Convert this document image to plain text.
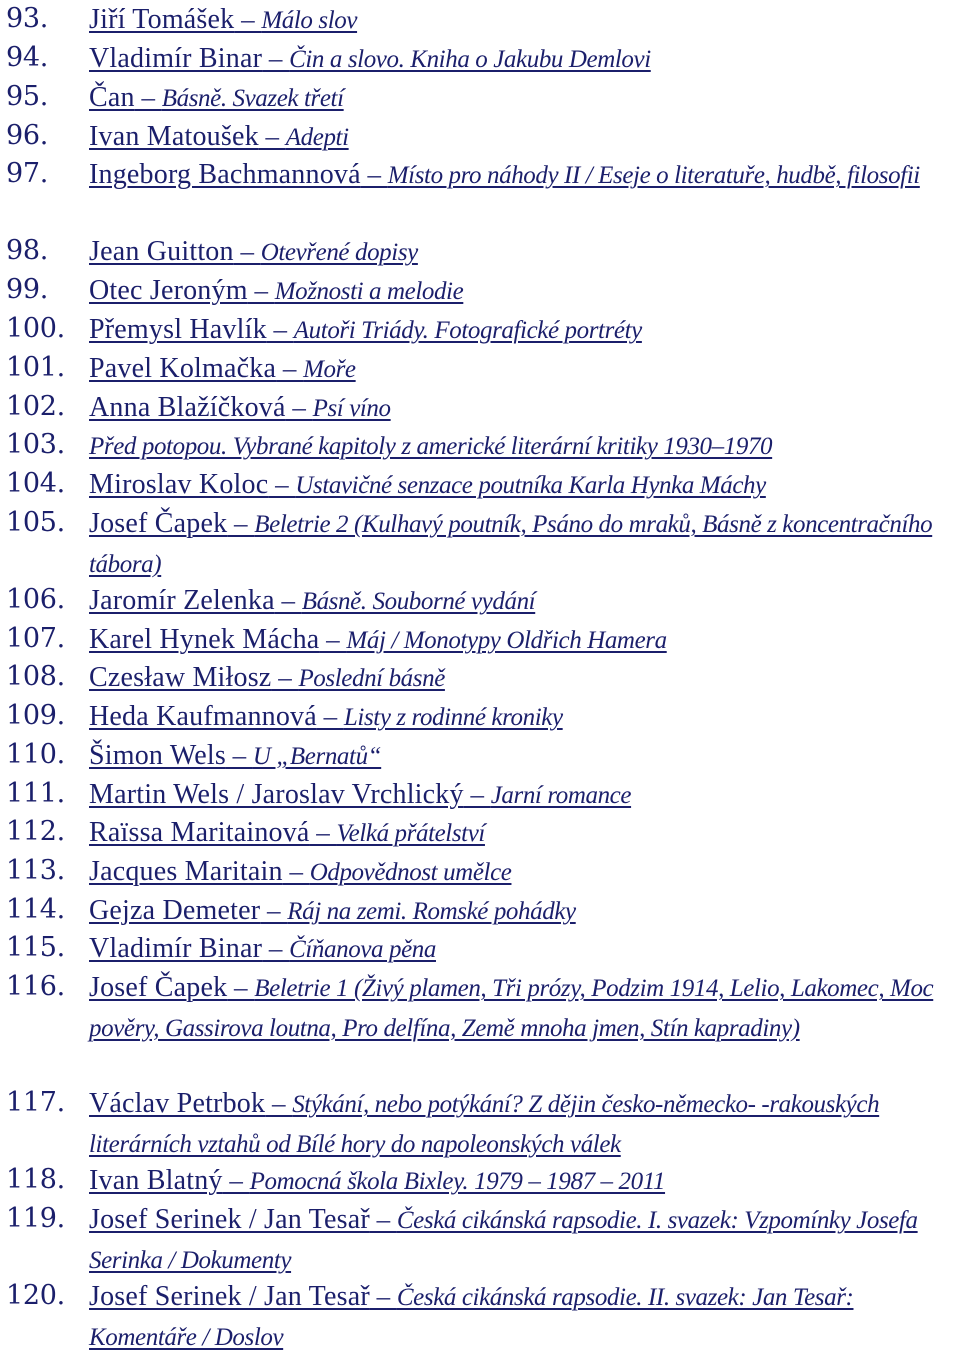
93. Jiří Tomášek – Málo slov
94. Vladimír Binar – Čin a slovo. Kniha o Jakubu Demlovi
95. Čan – Básně. Svazek třetí
96. Ivan Matoušek – Adepti
97. Ingeborg Bachmannová – Místo pro náhody II / Eseje o literatuře, hudbě, filosofii
98. Jean Guitton – Otevřené dopisy
99. Otec Jeroným – Možnosti a melodie
100. Přemysl Havlík – Autoři Triády. Fotografické portréty
101. Pavel Kolmačka – Moře
102. Anna Blažíčková – Psí víno
103. Před potopou. Vybrané kapitoly z americké literární kritiky 1930–1970
104. Miroslav Koloc – Ustavičné senzace poutníka Karla Hynka Máchy
105. Josef Čapek – Beletrie 2 (Kulhavý poutník, Psáno do mraků, Básně z koncentračního tábora)
106. Jaromír Zelenka – Básně. Souborné vydání
107. Karel Hynek Mácha – Máj / Monotypy Oldřich Hamera
108. Czesław Miłosz – Poslední básně
109. Heda Kaufmannová – Listy z rodinné kroniky
110. Šimon Wels – U „Bernatů“
111. Martin Wels / Jaroslav Vrchlický – Jarní romance
112. Raïssa Maritainová – Velká přátelství
113. Jacques Maritain – Odpovědnost umělce
114. Gejza Demeter – Ráj na zemi. Romské pohádky
115. Vladimír Binar – Číňanova pěna
116. Josef Čapek – Beletrie 1 (Živý plamen, Tři prózy, Podzim 1914, Lelio, Lakomec, Moc pověry, Gassirova loutna, Pro delfína, Země mnoha jmen, Stín kapradiny)
117. Václav Petrbok – Stýkání, nebo potýkání? Z dějin česko-německo- -rakouských literárních vztahů od Bílé hory do napoleonských válek
118. Ivan Blatný – Pomocná škola Bixley. 1979 – 1987 – 2011
119. Josef Serinek / Jan Tesař – Česká cikánská rapsodie. I. svazek: Vzpomínky Josefa Serinka / Dokumenty
120. Josef Serinek / Jan Tesař – Česká cikánská rapsodie. II. svazek: Jan Tesař: Komentáře / Doslov
